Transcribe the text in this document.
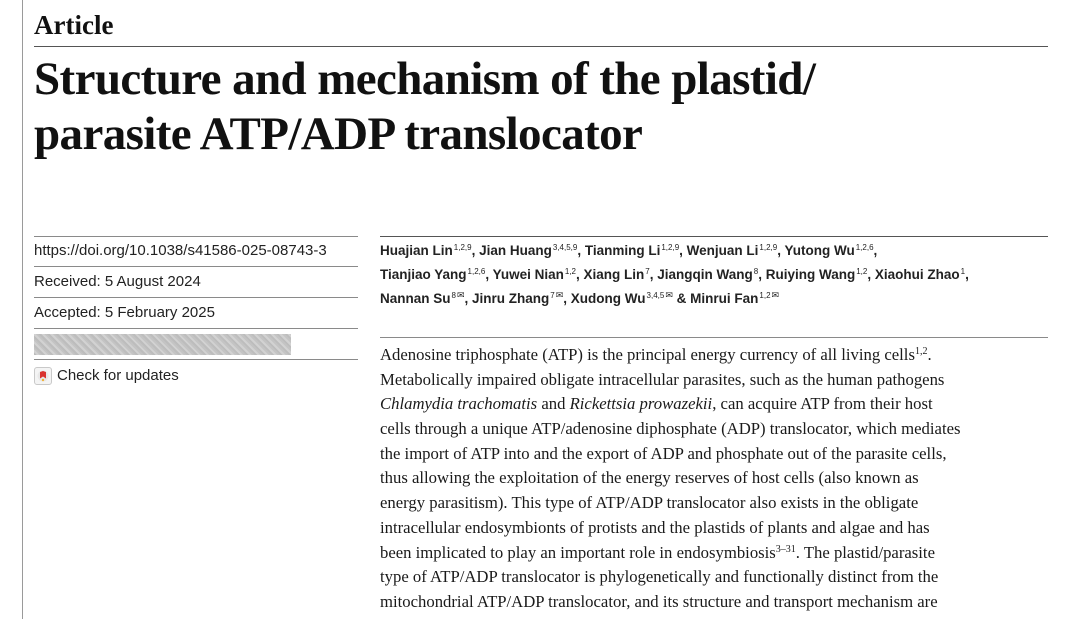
Article
Structure and mechanism of the plastid/
parasite ATP/ADP translocator
https://doi.org/10.1038/s41586-025-08743-3
Received: 5 August 2024
Accepted: 5 February 2025
Check for updates
Huajian Lin$^{1,2,9}$, Jian Huang$^{3,4,5,9}$, Tianming Li$^{1,2,9}$, Wenjuan Li$^{1,2,9}$, Yutong Wu$^{1,2,6}$,
Tianjiao Yang$^{1,2,6}$, Yuwei Nian$^{1,2}$, Xiang Lin$^7$, Jiangqin Wang$^8$, Ruiying Wang$^{1,2}$, Xiaohui Zhao$^1$,
Nannan $Su^{8✉}$, Jinru Zhang$^{7✉}$, Xudong $Wu^{3,4,5✉}$ & Minrui Fan$^{1,2✉}$
Adenosine triphosphate (ATP) is the principal energy currency of all living cells$^{1,2}$.
Metabolically impaired obligate intracellular parasites, such as the human pathogens
Chlamydia trachomatis and Rickettsia prowazekii, can acquire ATP from their host
cells through a unique ATP/adenosine diphosphate (ADP) translocator, which mediates
the import of ATP into and the export of ADP and phosphate out of the parasite cells,
thus allowing the exploitation of the energy reserves of host cells (also known as
energy parasitism). This type of ATP/ADP translocator also exists in the obligate
intracellular endosymbionts of protists and the plastids of plants and algae and has
been implicated to play an important role in endosymbiosis$^{3-31}$. The plastid/parasite
type of ATP/ADP translocator is phylogenetically and functionally distinct from the
mitochondrial ATP/ADP translocator, and its structure and transport mechanism are
